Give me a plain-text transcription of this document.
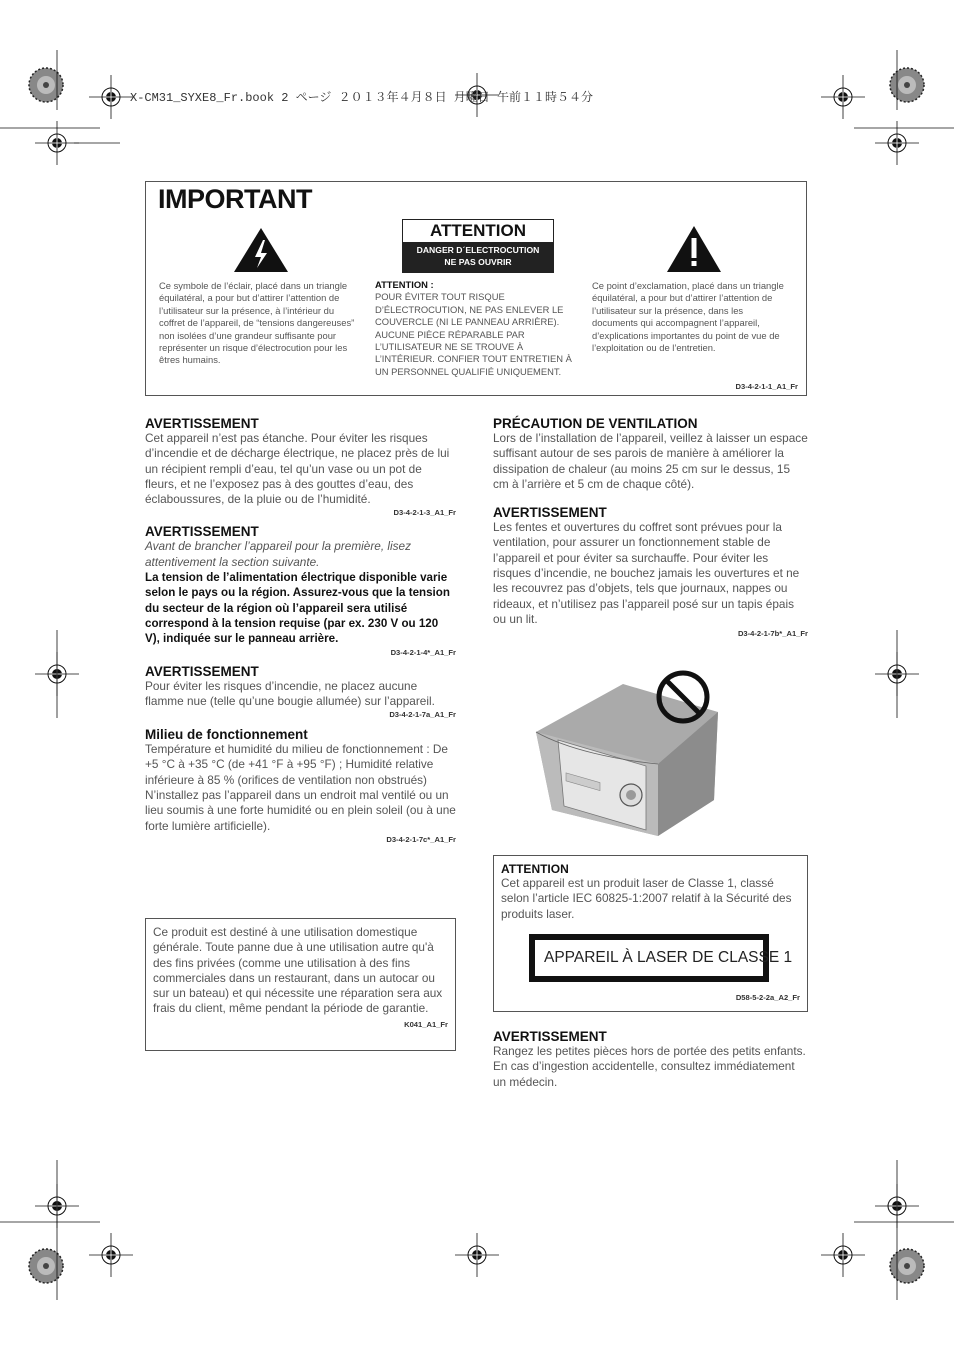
X-CM31_SYXE8_Fr.book 2 ページ ２０１３年４月８日 月曜日 午前１１時５４分
IMPORTANT
ATTENTION
DANGER D´ELECTROCUTION
NE PAS OUVRIR
Ce symbole de l’éclair, placé dans un triangle équilatéral, a pour but d’attirer l’attention de l’utilisateur sur la présence, à l’intérieur du coffret de l’appareil, de “tensions dangereuses” non isolées d’une grandeur suffisante pour représenter un risque d’électrocution pour les êtres humains.
ATTENTION :
POUR ÉVITER TOUT RISQUE D’ÉLECTROCUTION, NE PAS ENLEVER LE COUVERCLE (NI LE PANNEAU ARRIÈRE). AUCUNE PIÈCE RÉPARABLE PAR L’UTILISATEUR NE SE TROUVE À L’INTÉRIEUR. CONFIER TOUT ENTRETIEN À UN PERSONNEL QUALIFIÉ UNIQUEMENT.
Ce point d’exclamation, placé dans un triangle équilatéral, a pour but d’attirer l’attention de l’utilisateur sur la présence, dans les documents qui accompagnent l’appareil, d’explications importantes du point de vue de l’exploitation ou de l’entretien.
D3-4-2-1-1_A1_Fr
AVERTISSEMENT
Cet appareil n’est pas étanche. Pour éviter les risques d’incendie et de décharge électrique, ne placez près de lui un récipient rempli d’eau, tel qu’un vase ou un pot de fleurs, et ne l’exposez pas à des gouttes d’eau, des éclaboussures, de la pluie ou de l’humidité.
D3-4-2-1-3_A1_Fr
AVERTISSEMENT
Avant de brancher l’appareil pour la première, lisez attentivement la section suivante.
La tension de l’alimentation électrique disponible varie selon le pays ou la région. Assurez-vous que la tension du secteur de la région où l’appareil sera utilisé correspond à la tension requise (par ex. 230 V ou 120 V), indiquée sur le panneau arrière.
D3-4-2-1-4*_A1_Fr
AVERTISSEMENT
Pour éviter les risques d’incendie, ne placez aucune flamme nue (telle qu’une bougie allumée) sur l’appareil.
D3-4-2-1-7a_A1_Fr
Milieu de fonctionnement
Température et humidité du milieu de fonctionnement : De +5 °C à +35 °C (de +41 °F à +95 °F) ; Humidité relative inférieure à 85 % (orifices de ventilation non obstrués)
N’installez pas l’appareil dans un endroit mal ventilé ou un lieu soumis à une forte humidité ou en plein soleil (ou à une forte lumière artificielle).
D3-4-2-1-7c*_A1_Fr
Ce produit est destiné à une utilisation domestique générale. Toute panne due à une utilisation autre qu'à des fins privées (comme une utilisation à des fins commerciales dans un restaurant, dans un autocar ou sur un bateau) et qui nécessite une réparation sera aux frais du client, même pendant la période de garantie.
K041_A1_Fr
PRÉCAUTION DE VENTILATION
Lors de l’installation de l’appareil, veillez à laisser un espace suffisant autour de ses parois de manière à améliorer la dissipation de chaleur (au moins 25 cm sur le dessus, 15 cm à l’arrière et 5 cm de chaque côté).
AVERTISSEMENT
Les fentes et ouvertures du coffret sont prévues pour la ventilation, pour assurer un fonctionnement stable de l’appareil et pour éviter sa surchauffe. Pour éviter les risques d’incendie, ne bouchez jamais les ouvertures et ne les recouvrez pas d’objets, tels que journaux, nappes ou rideaux, et n’utilisez pas l’appareil posé sur un tapis épais ou un lit.
D3-4-2-1-7b*_A1_Fr
ATTENTION
Cet appareil est un produit laser de Classe 1, classé selon l’article IEC 60825-1:2007 relatif à la Sécurité des produits laser.
D58-5-2-2a_A2_Fr
APPAREIL À LASER DE CLASSE 1
AVERTISSEMENT
Rangez les petites pièces hors de portée des petits enfants. En cas d’ingestion accidentelle, consultez immédiatement un médecin.
